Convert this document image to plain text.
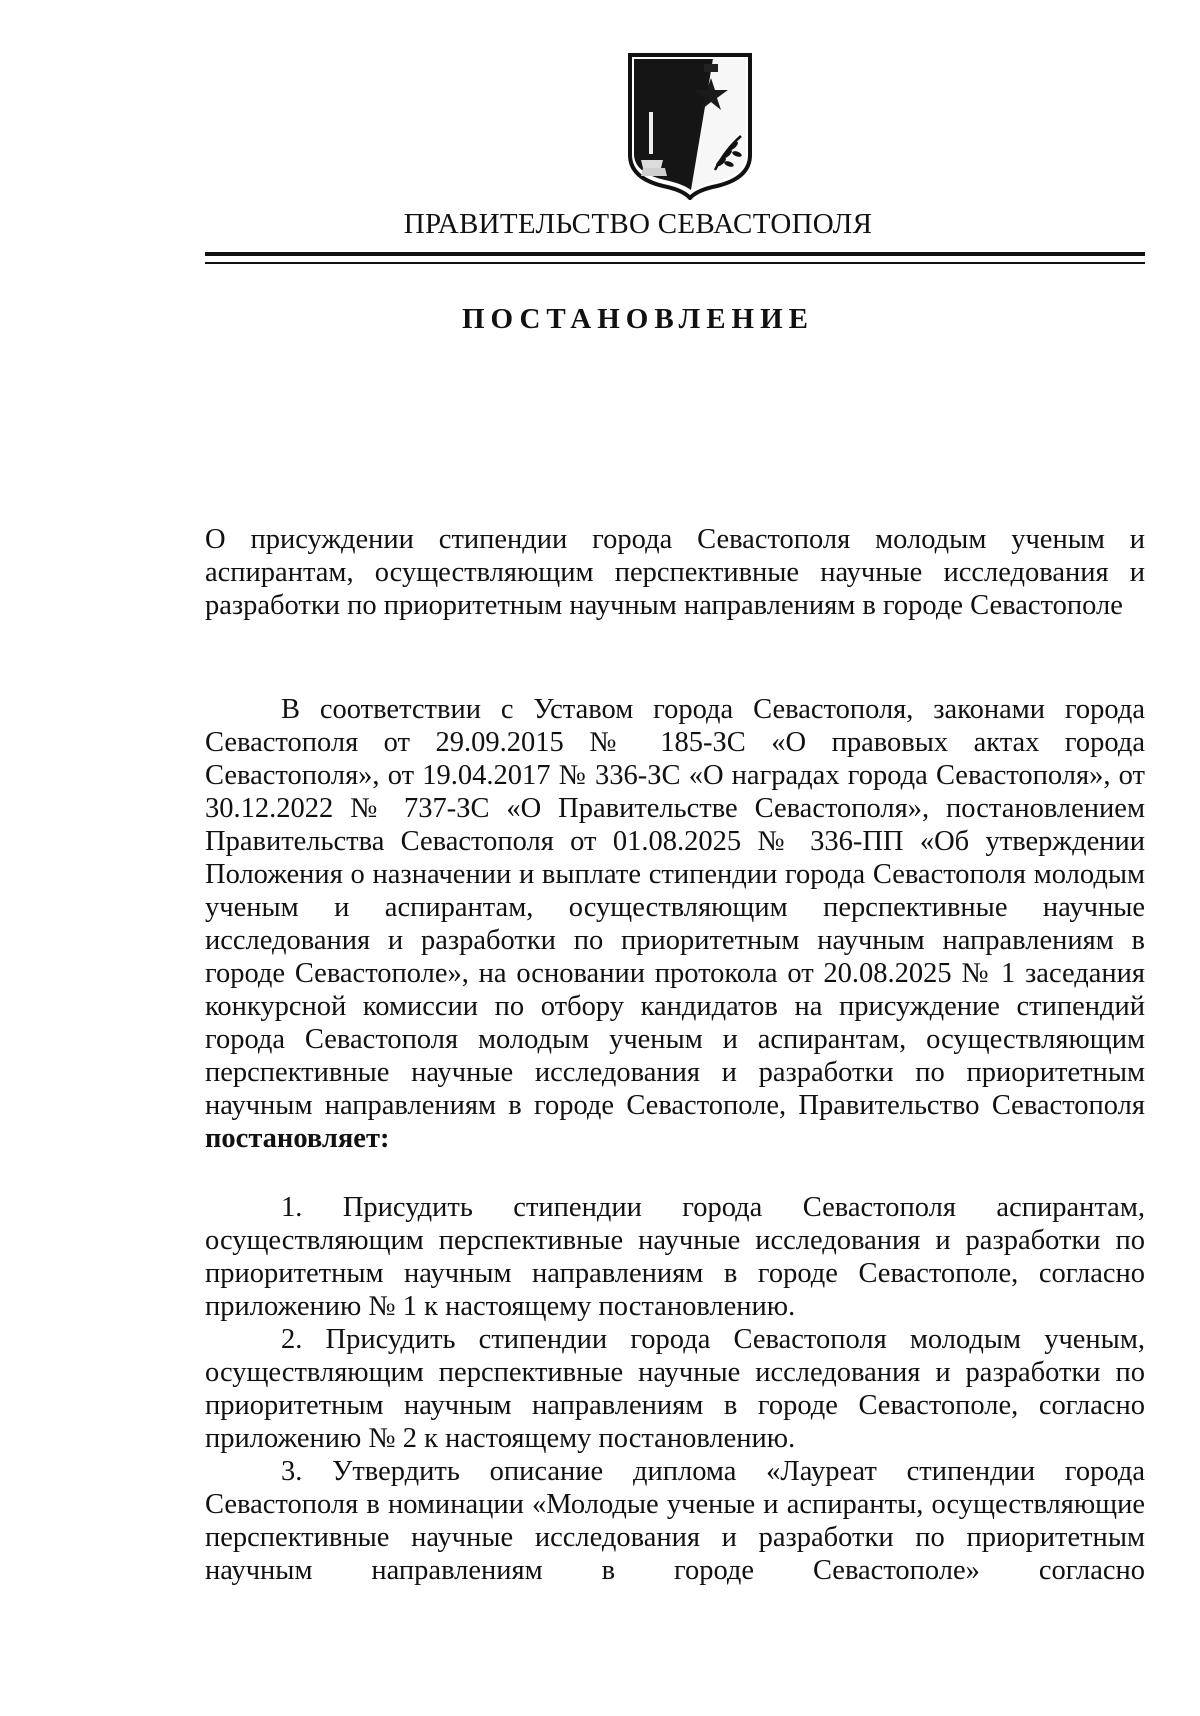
ПРАВИТЕЛЬСТВО СЕВАСТОПОЛЯ
ПОСТАНОВЛЕНИЕ

О присуждении стипендии города Севастополя молодым ученым и аспирантам, осуществляющим перспективные научные исследования и разработки по приоритетным научным направлениям в городе Севастополе

В соответствии с Уставом города Севастополя, законами города Севастополя от 29.09.2015 № 185-ЗС «О правовых актах города Севастополя», от 19.04.2017 № 336-ЗС «О наградах города Севастополя», от 30.12.2022 № 737-ЗС «О Правительстве Севастополя», постановлением Правительства Севастополя от 01.08.2025 № 336-ПП «Об утверждении Положения о назначении и выплате стипендии города Севастополя молодым ученым и аспирантам, осуществляющим перспективные научные исследования и разработки по приоритетным научным направлениям в городе Севастополе», на основании протокола от 20.08.2025 № 1 заседания конкурсной комиссии по отбору кандидатов на присуждение стипендий города Севастополя молодым ученым и аспирантам, осуществляющим перспективные научные исследования и разработки по приоритетным научным направлениям в городе Севастополе, Правительство Севастополя постановляет:

1. Присудить стипендии города Севастополя аспирантам, осуществляющим перспективные научные исследования и разработки по приоритетным научным направлениям в городе Севастополе, согласно приложению № 1 к настоящему постановлению.

2. Присудить стипендии города Севастополя молодым ученым, осуществляющим перспективные научные исследования и разработки по приоритетным научным направлениям в городе Севастополе, согласно приложению № 2 к настоящему постановлению.

3. Утвердить описание диплома «Лауреат стипендии города Севастополя в номинации «Молодые ученые и аспиранты, осуществляющие перспективные научные исследования и разработки по приоритетным научным направлениям в городе Севастополе» согласно
